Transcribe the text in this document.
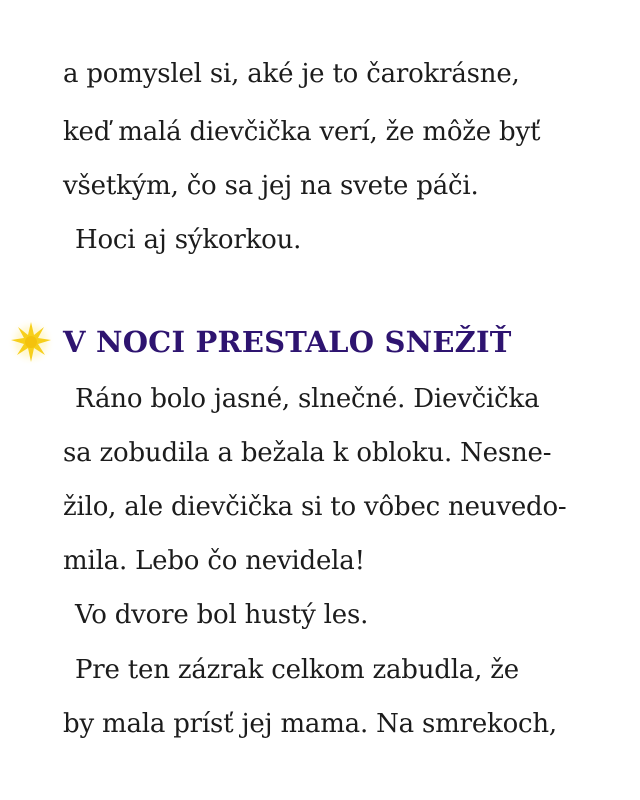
a pomyslel si, aké je to čarokrásne,
keď malá dievčička verí, že môže byť
všetkým, čo sa jej na svete páči.
Hoci aj sýkorkou.
V NOCI PRESTALO SNEŽIŤ
Ráno bolo jasné, slnečné. Dievčička
sa zobudila a bežala k obloku. Nesne-
žilo, ale dievčička si to vôbec neuvedo-
mila. Lebo čo nevidela!
Vo dvore bol hustý les.
Pre ten zázrak celkom zabudla, že
by mala prísť jej mama. Na smrekoch,
